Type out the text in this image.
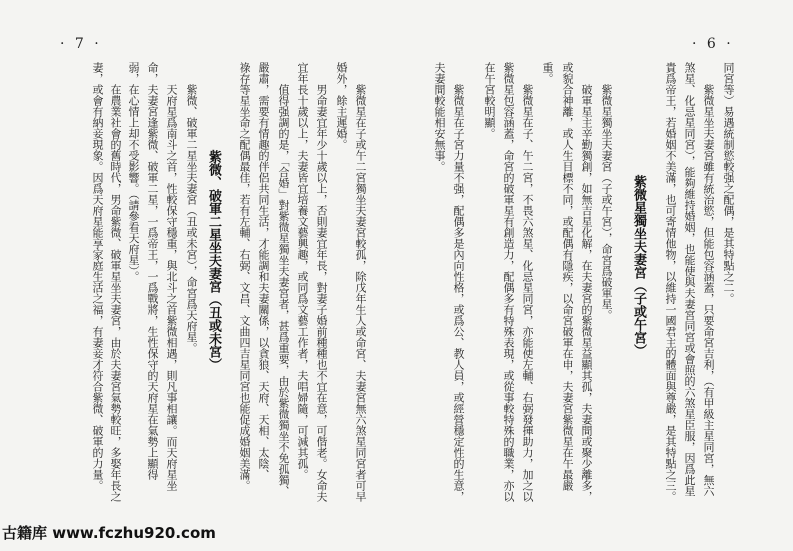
· 7 ·
紫微星在子或午二宮獨坐夫妻宮較孤，除戊年生人或命宮、夫妻宮無六煞星同宮者可早
婚外，餘主遲婚。
男命妻宜年少十歲以上，否則妻宜年長，對妻子婚前種種也不宜在意，可偕老。女命夫
宜年長十歲以上，夫妻皆宜培養文藝興趣，或同爲文藝工作者，夫唱婦隨，可減其孤。
值得强調的是，「合婚」對紫微星獨坐夫妻宮者，甚爲重要，由於紫微獨坐不免孤獨、
嚴肅，需要有情趣的伴侶共同生活，才能調和夫妻關係，以貪狼、天府、天相、太陰、
祿存等星坐命之配偶最佳，若有左輔、右弼、文昌、文曲四吉星同宮也能促成婚姻美滿。
紫微、破軍二星坐夫妻宮（丑或未宮）
紫微、破軍二星坐夫妻宮（丑或未宮），命宮爲天府星。
天府星爲南斗之首，性較保守穩重，與北斗之首紫微相遇，則凡事相讓。而天府星坐
命，夫妻宮逢紫微、破軍二星，一爲帝王，一爲戰將，生性保守的天府星在氣勢上顯得
弱，在心情上却不受影響。（請參看天府星）。
在農業社會的舊時代，男命紫微、破軍星坐夫妻宮，由於夫妻宮氣勢較旺，多娶年長之
妻，或會有納妾現象。因爲天府星能享家庭生活之福，有妻妾才符合紫微、破軍的力量。
· 6 ·
同宮等）易遇統制慾較强之配偶，是其特點之二。
紫微星坐夫妻宮雖有統治慾，但能包容涵蓋，只要命宮吉利，（有甲級主星同宮，無六
煞星、化忌星同宮），能夠維持婚姻，也能使與夫妻宮同宮或會照的六煞星臣服，因爲此星
貴爲帝王，若婚姻不美滿，也可寄情他物，以維持一國君主的體面與尊嚴，是其特點之三。
紫微星獨坐夫妻宮（子或午宮）
紫微星獨坐夫妻宮（子或午宮），命宮爲破軍星。
破軍星主辛勤獨創，如無吉星化解，在夫妻宮的紫微星益顯其孤，夫妻間或聚少離多，
或貌合神離，或人生目標不同，或配偶有隱疾，以命宮破軍在申，夫妻宮紫微星在午最嚴
重。
紫微星在子、午二宮，不畏六煞星、化忌星同宮，亦能使左輔、右弼發揮助力，加之以
紫微星包容涵蓋，命宮的破軍星有創造力，配偶多有特殊表現，或從事較特殊的職業，亦以
在午宮較明顯。
紫微星在子宮力量不强，配偶多是內向性格，或爲公、教人員，或經營穩定性的生意，
夫妻間較能相安無事。
古籍库 www.fczhu920.com
